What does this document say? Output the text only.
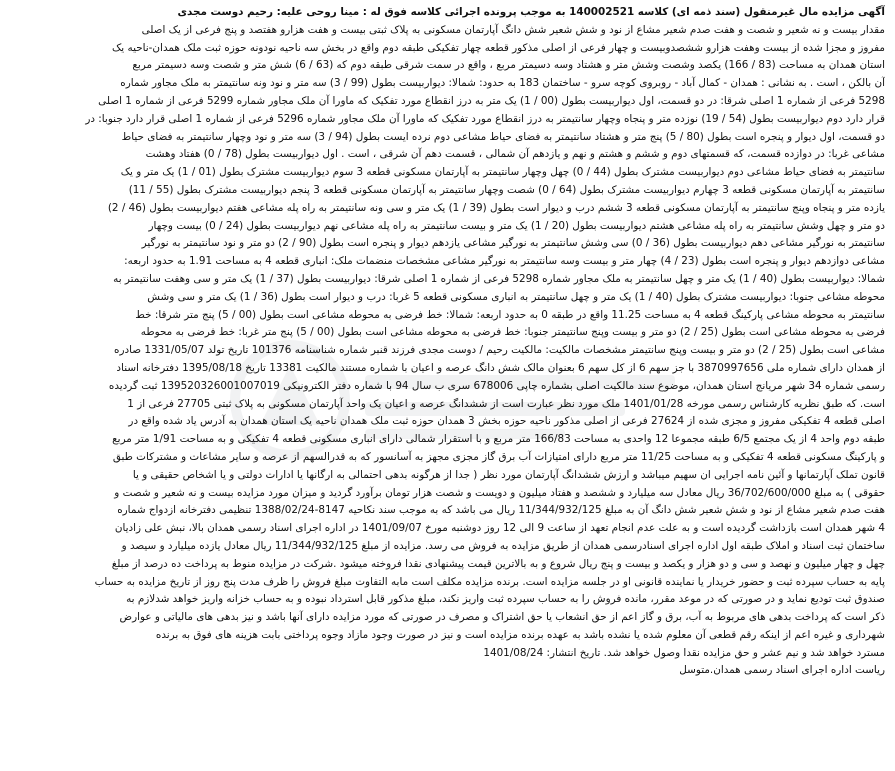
آگهی مزایده مال غیرمنقول (سند ذمه ای) کلاسه 140002521 به موجب پرونده اجرائی کلاسه فوق له : مینا روحی علیه: رحیم دوست مجدی
مقدار بیست و نه شعیر و شصت و هفت صدم شعیر مشاع از نود و شش شعیر شش دانگ آپارتمان مسکونی به پلاک ثبتی بیست و هفت هزارو هفتصد و پنج فرعی از یک اصلی
مفروز و مجزا شده از بیست وهفت هزارو ششصدوبیست و چهار فرعی از اصلی مذکور قطعه چهار تفکیکی طبقه دوم واقع در بخش سه ناحیه نودونه حوزه ثبت ملک همدان-ناحیه یک
استان همدان به مساحت (83 / 166) یکصد وشصت وشش متر و هشتاد وسه دسیمتر مربع ، واقع در سمت شرقی طبقه دوم که (63 / 6) شش متر و شصت وسه دسیمتر مربع
آن بالکن ، است . به نشانی : همدان - کمال آباد - روبروی کوچه سرو - ساختمان 183 به حدود: شمالا: دیواربیست بطول (99 / 3) سه متر و نود ونه سانتیمتر به ملک مجاور شماره
5298 فرعی از شماره 1 اصلی شرقا: در دو قسمت، اول دیواربیست بطول (00 / 1) یک متر به درز انقطاع مورد تفکیک که ماورا آن ملک مجاور شماره 5299 فرعی از شماره 1 اصلی
قرار دارد دوم دیواربیست بطول (54 / 19) نوزده متر و پنجاه وچهار سانتیمتر به درز انقطاع مورد تفکیک که ماورا آن ملک مجاور شماره 5296 فرعی از شماره 1 اصلی قرار دارد جنوبا: در
دو قسمت، اول دیوار و پنجره است بطول (80 / 5) پنج متر و هشتاد سانتیمتر به فضای حیاط مشاعی دوم نرده ایست بطول (94 / 3) سه متر و نود وچهار سانتیمتر به فضای حیاط
مشاعی غربا: در دوازده قسمت، که قسمتهای دوم و ششم و هشتم و نهم و یازدهم آن شمالی ، قسمت دهم آن شرقی ، است . اول دیواربیست بطول (78 / 0) هفتاد وهشت
سانتیمتر به فضای حیاط مشاعی دوم دیواربیست مشترک بطول (44 / 0) چهل وچهار سانتیمتر به آپارتمان مسکونی قطعه 3 سوم دیواربیست مشترک بطول (01 / 1) یک متر و یک
سانتیمتر به آپارتمان مسکونی قطعه 3 چهارم دیواربیست مشترک بطول (64 / 0) شصت وچهار سانتیمتر به آپارتمان مسکونی قطعه 3 پنجم دیواربیست مشترک بطول (55 / 11)
یازده متر و پنجاه وپنج سانتیمتر به آپارتمان مسکونی قطعه 3 ششم درب و دیوار است بطول (39 / 1) یک متر و سی ونه سانتیمتر به راه پله مشاعی هفتم دیواربیست بطول (46 / 2)
دو متر و چهل وشش سانتیمتر به راه پله مشاعی هشتم دیواربیست بطول (20 / 1) یک متر و بیست سانتیمتر به راه پله مشاعی نهم دیواربیست بطول (24 / 0) بیست وچهار
سانتیمتر به نورگیر مشاعی دهم دیواربیست بطول (36 / 0) سی وشش سانتیمتر به نورگیر مشاعی یازدهم دیوار و پنجره است بطول (90 / 2) دو متر و نود سانتیمتر به نورگیر
مشاعی دوازدهم دیوار و پنجره است بطول (23 / 4) چهار متر و بیست وسه سانتیمتر به نورگیر مشاعی مشخصات منضمات ملک: انباری قطعه 4 به مساحت 1.91 به حدود اربعه:
شمالا: دیواربیست بطول (40 / 1) یک متر و چهل سانتیمتر به ملک مجاور شماره 5298 فرعی از شماره 1 اصلی شرقا: دیواربیست بطول (37 / 1) یک متر و سی وهفت سانتیمتر به
محوطه مشاعی جنوبا: دیواربیست مشترک بطول (40 / 1) یک متر و چهل سانتیمتر به انباری مسکونی قطعه 5 غربا: درب و دیوار است بطول (36 / 1) یک متر و سی وشش
سانتیمتر به محوطه مشاعی پارکینگ قطعه 4 به مساحت 11.25 واقع در طبقه 0 به حدود اربعه: شمالا: خط فرضی به محوطه مشاعی است بطول (00 / 5) پنج متر شرقا: خط
فرضی به محوطه مشاعی است بطول (25 / 2) دو متر و بیست وپنج سانتیمتر جنوبا: خط فرضی به محوطه مشاعی است بطول (00 / 5) پنج متر غربا: خط فرضی به محوطه
مشاعی است بطول (25 / 2) دو متر و بیست وپنج سانتیمتر مشخصات مالکیت: مالکیت رحیم / دوست مجدی فرزند قنبر شماره شناسنامه 101376 تاریخ تولد 1331/05/07 صادره
از همدان دارای شماره ملی 3870997656 با جز سهم 6 از کل سهم 6 بعنوان مالک شش دانگ عرصه و اعیان با شماره مستند مالکیت 13381 تاریخ 1395/08/18 دفترخانه اسناد
رسمی شماره 34 شهر مریانج استان همدان، موضوع سند مالکیت اصلی بشماره چاپی 678006 سری ب سال 94 با شماره دفتر الکترونیکی 139520326001007019 ثبت گردیده
است. که طبق نظریه کارشناس رسمی مورخه 1401/01/28 ملک مورد نظر عبارت است از ششدانگ عرصه و اعیان یک واحد آپارتمان مسکونی به پلاک ثبتی 27705 فرعی از 1
اصلی قطعه 4 تفکیکی مفروز و مجزی شده از 27624 فرعی از اصلی مذکور ناحیه حوزه بخش 3 همدان حوزه ثبت ملک همدان ناحیه یک استان همدان به آدرس یاد شده واقع در
طبقه دوم واحد 4 از یک مجتمع 6/5 طبقه مجموعا 12 واحدی به مساحت 166/83 متر مربع و با استقرار شمالی دارای انباری مسکونی قطعه 4 تفکیکی و به مساحت 1/91 متر مربع
و پارکینگ مسکونی قطعه 4 تفکیکی و به مساحت 11/25 متر مربع دارای امتیازات آب برق گاز مجزی مجهز به آسانسور که به قدرالسهم از عرصه و سایر مشاعات و مشترکات طبق
قانون تملک آپارتمانها و آئین نامه اجرایی ان سهیم میباشد و ارزش ششدانگ آپارتمان مورد نظر ( جدا از هرگونه بدهی احتمالی به ارگانها یا ادارات دولتی و یا اشخاص حقیقی و یا
حقوقی ) به مبلغ 36/702/600/000 ریال معادل سه میلیارد و ششصد و هفتاد میلیون و دویست و شصت هزار تومان برآورد گردید و میزان مورد مزایده بیست و نه شعیر و شصت و
هفت صدم شعیر مشاع از نود و شش شعیر شش دانگ آن به مبلغ 11/344/932/125 ریال می باشد که به موجب سند نکاحیه 8147-1388/02/24 تنظیمی دفترخانه ازدواج شماره
4 شهر همدان است بازداشت گردیده است و به علت عدم انجام تعهد از ساعت 9 الی 12 روز دوشنبه مورخ 1401/09/07 در اداره اجرای اسناد رسمی همدان بالا، نبش علی زادیان
ساختمان ثبت اسناد و املاک طبقه اول اداره اجرای اسنادرسمی همدان از طریق مزایده به فروش می رسد. مزایده از مبلغ 11/344/932/125 ریال معادل یازده میلیارد و سیصد و
چهل و چهار میلیون و نهصد و سی و دو هزار و یکصد و بیست و پنج ریال شروع و به بالاترین قیمت پیشنهادی نقدا فروخته میشود .شرکت در مزایده منوط به پرداخت ده درصد از مبلغ
پایه به حساب سپرده ثبت و حضور خریدار یا نماینده قانونی او در جلسه مزایده است. برنده مزایده مکلف است مابه التفاوت مبلغ فروش را ظرف مدت پنج روز از تاریخ مزایده به حساب
صندوق ثبت تودیع نماید و در صورتی که در موعد مقرر، مانده فروش را به حساب سپرده ثبت واریز نکند، مبلغ مذکور قابل استرداد نبوده و به حساب خزانه واریز خواهد شدلازم به
ذکر است که پرداخت بدهی های مربوط به آب، برق و گاز اعم از حق انشعاب یا حق اشتراک و مصرف در صورتی که مورد مزایده دارای آنها باشد و نیز بدهی های مالیاتی و عوارض
شهرداری و غیره اعم از اینکه رقم قطعی آن معلوم شده یا نشده باشد به عهده برنده مزایده است و نیز در صورت وجود مازاد وجوه پرداختی بابت هزینه های فوق به برنده
مسترد خواهد شد و نیم عشر و حق مزایده نقدا وصول خواهد شد. تاریخ انتشار: 1401/08/24
ریاست اداره اجرای اسناد رسمی همدان.متوسل
